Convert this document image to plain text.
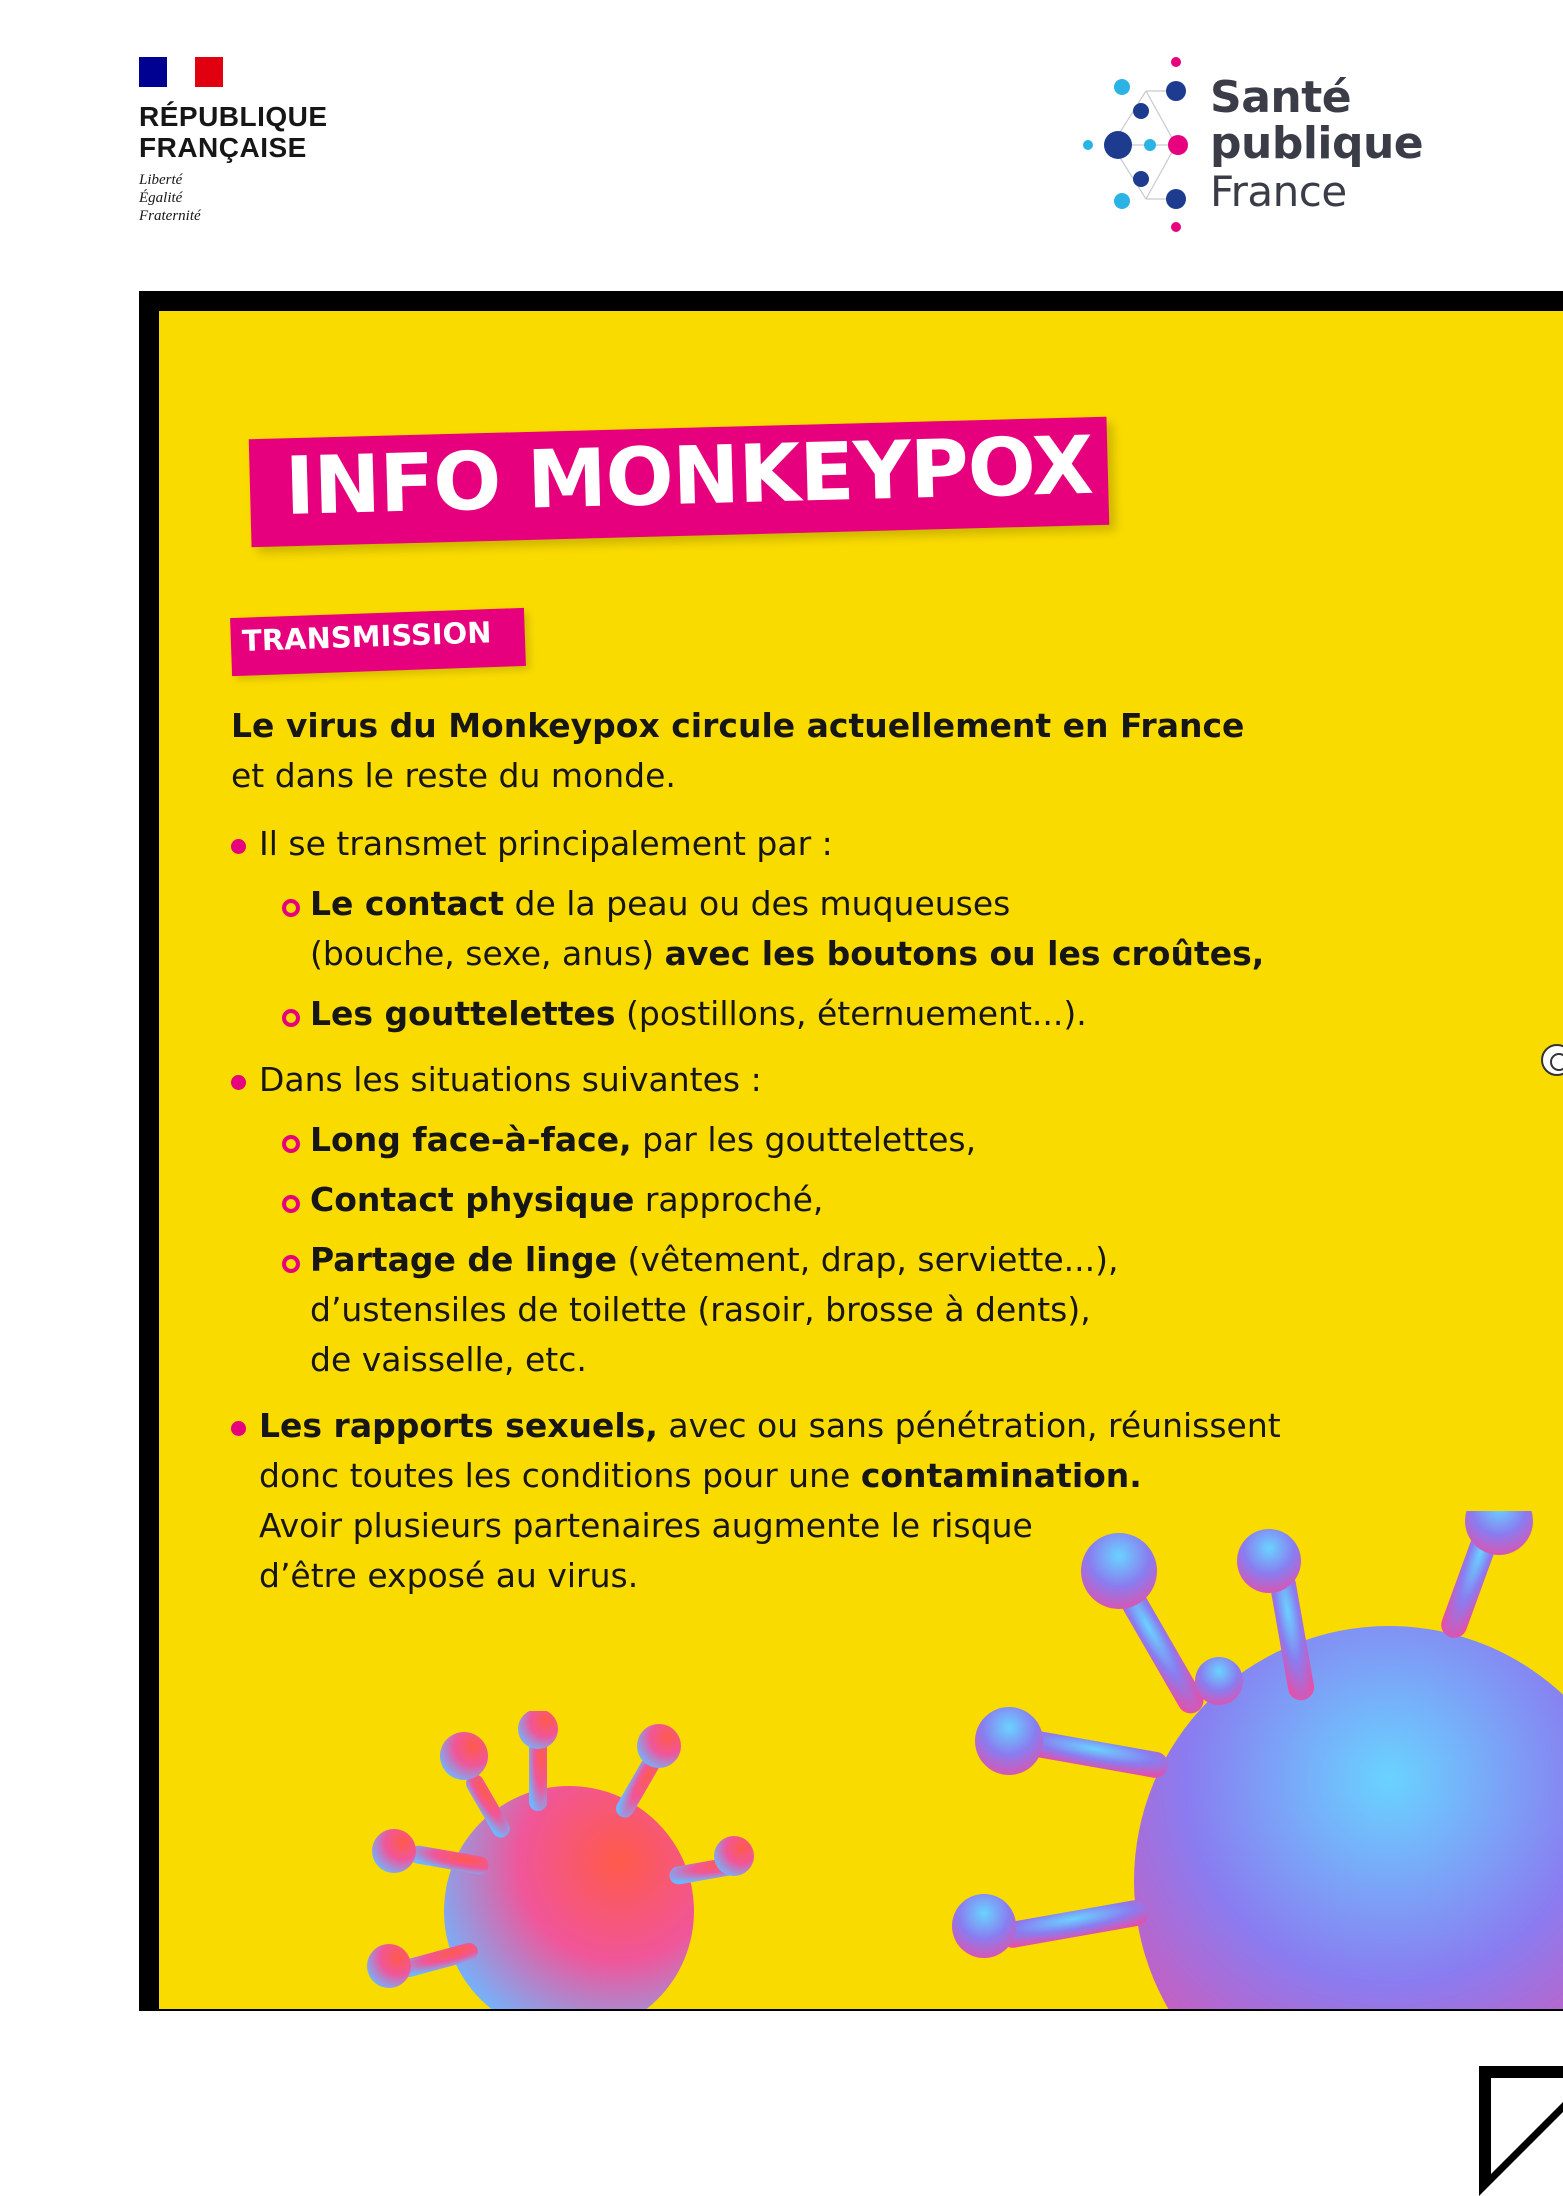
RÉPUBLIQUE
FRANÇAISE
Liberté
Égalité
Fraternité
Santé
publique
France
INFO MONKEYPOX
TRANSMISSION

Le virus du Monkeypox circule actuellement en France
et dans le reste du monde.

Il se transmet principalement par :

Le contact de la peau ou des muqueuses
(bouche, sexe, anus) avec les boutons ou les croûtes,

Les gouttelettes (postillons, éternuement...).

Dans les situations suivantes :

Long face-à-face, par les gouttelettes,

Contact physique rapproché,

Partage de linge (vêtement, drap, serviette...),
d’ustensiles de toilette (rasoir, brosse à dents),
de vaisselle, etc.

Les rapports sexuels, avec ou sans pénétration, réunissent
donc toutes les conditions pour une contamination.
Avoir plusieurs partenaires augmente le risque
d’être exposé au virus.
